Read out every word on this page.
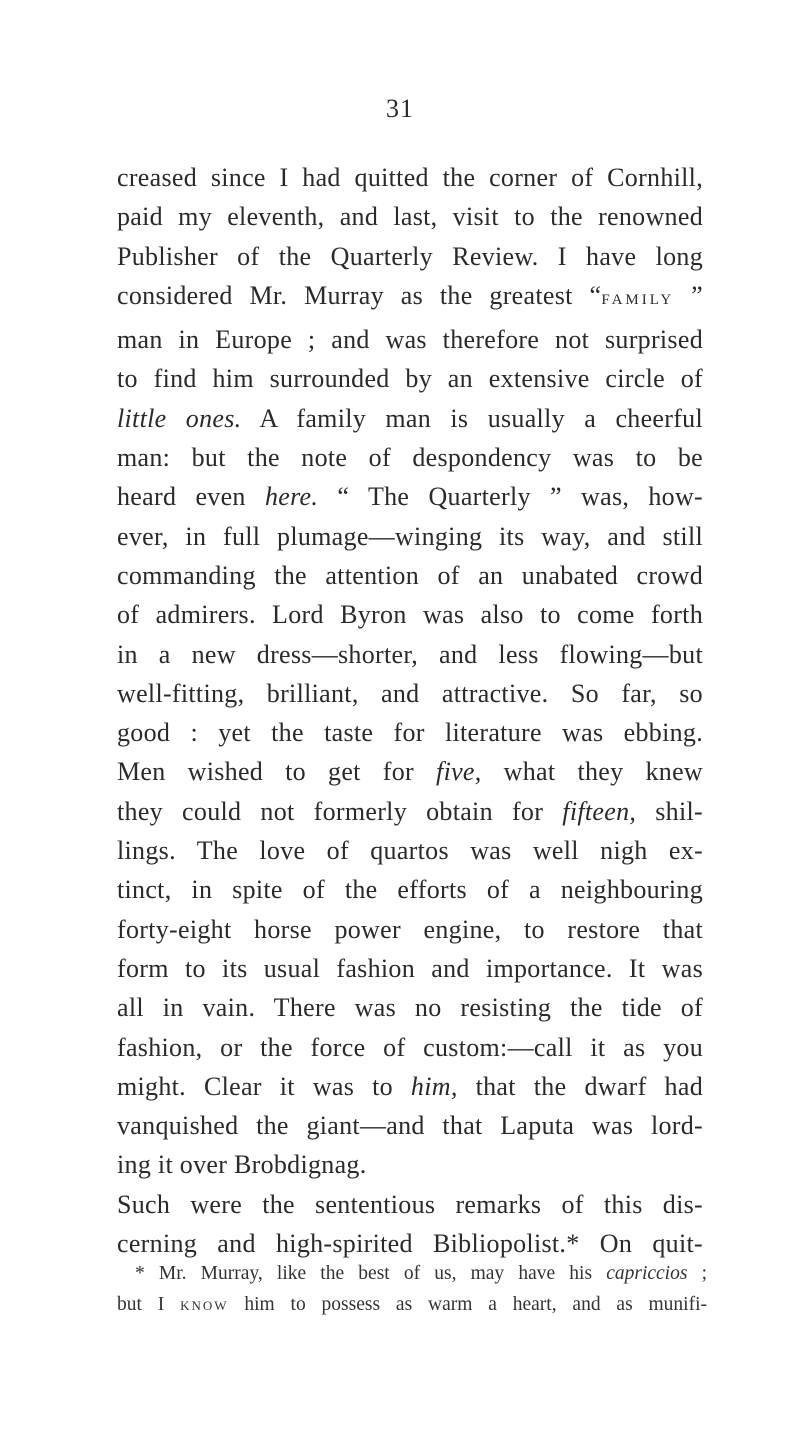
31
creased since I had quitted the corner of Cornhill,
paid my eleventh, and last, visit to the renowned
Publisher of the Quarterly Review. I have long
considered Mr. Murray as the greatest “FAMILY ”
man in Europe ; and was therefore not surprised
to find him surrounded by an extensive circle of
little ones. A family man is usually a cheerful
man: but the note of despondency was to be
heard even here. “ The Quarterly ” was, how-
ever, in full plumage—winging its way, and still
commanding the attention of an unabated crowd
of admirers. Lord Byron was also to come forth
in a new dress—shorter, and less flowing—but
well-fitting, brilliant, and attractive. So far, so
good : yet the taste for literature was ebbing.
Men wished to get for five, what they knew
they could not formerly obtain for fifteen, shil-
lings. The love of quartos was well nigh ex-
tinct, in spite of the efforts of a neighbouring
forty-eight horse power engine, to restore that
form to its usual fashion and importance. It was
all in vain. There was no resisting the tide of
fashion, or the force of custom:—call it as you
might. Clear it was to him, that the dwarf had
vanquished the giant—and that Laputa was lord-
ing it over Brobdignag.
Such were the sententious remarks of this dis-
cerning and high-spirited Bibliopolist.* On quit-
* Mr. Murray, like the best of us, may have his capriccios ;
but I KNOW him to possess as warm a heart, and as munifi-
